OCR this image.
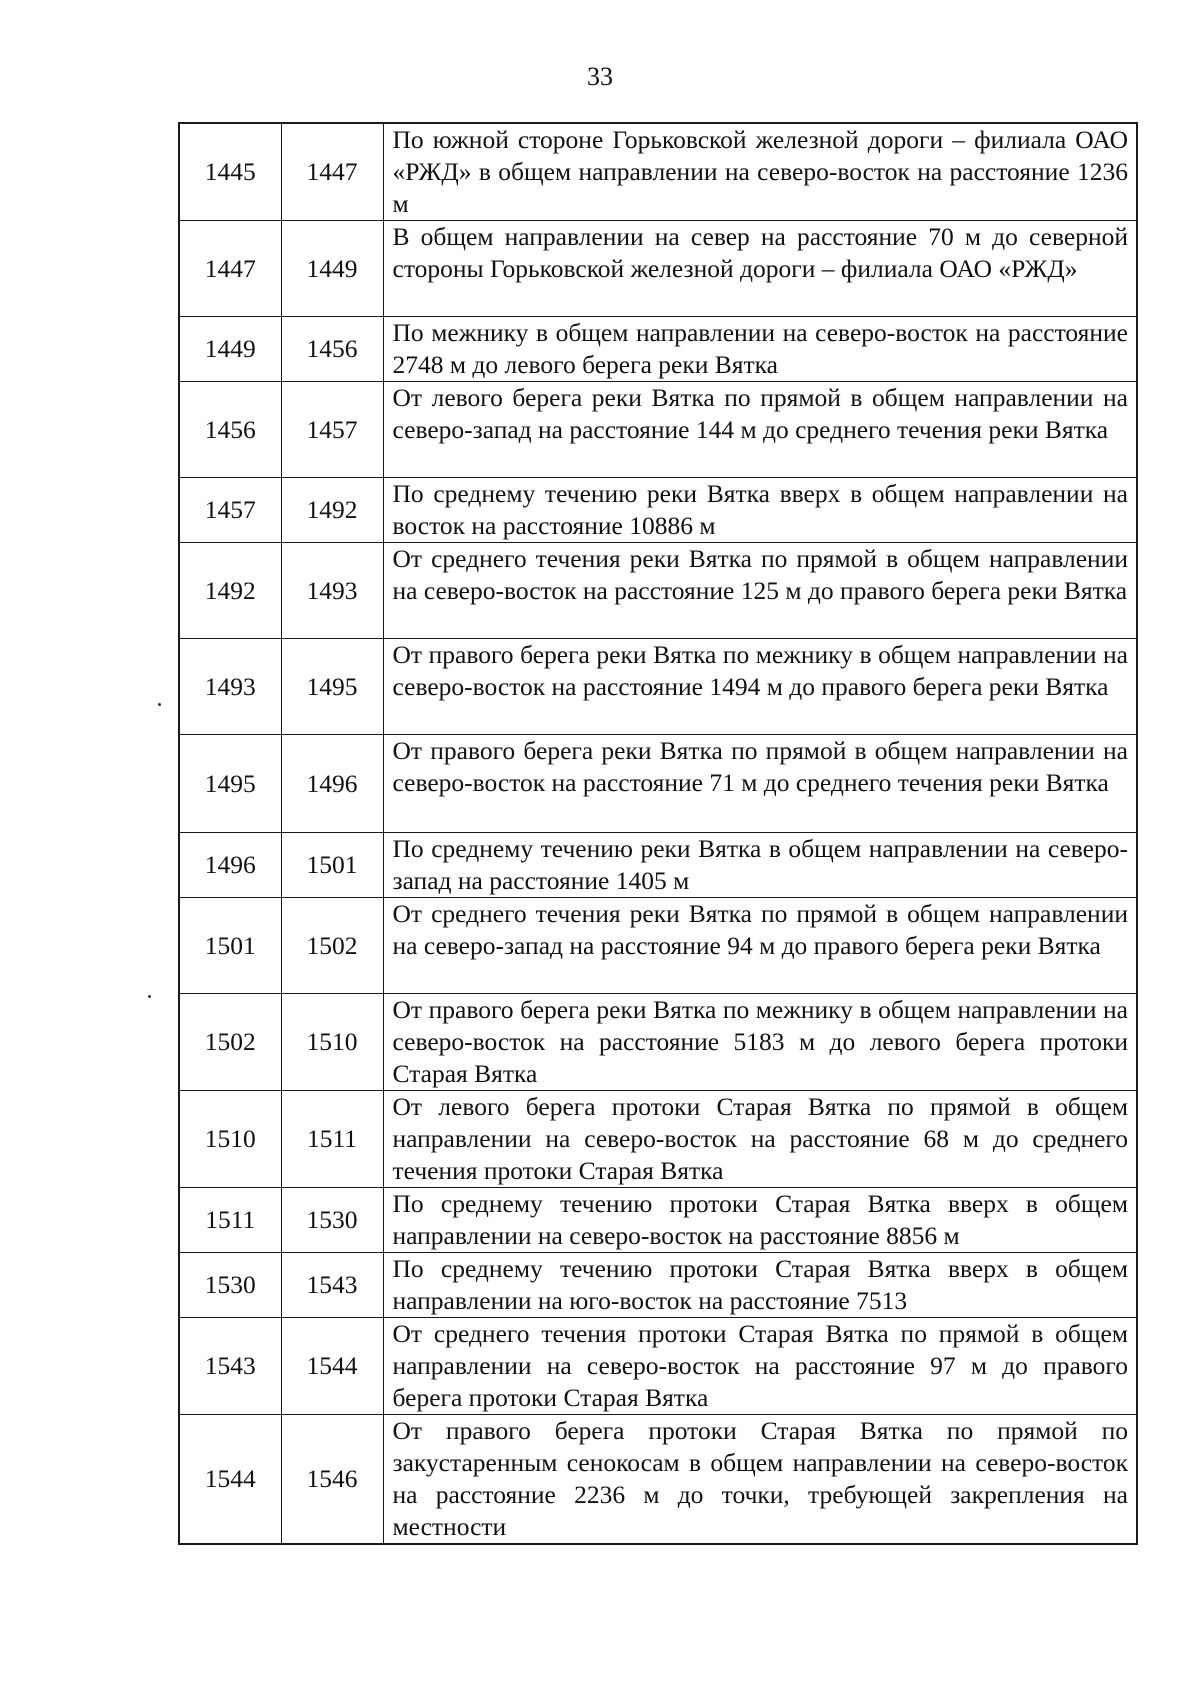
33
1445	1447	По южной стороне Горьковской железной дороги – филиала ОАО «РЖД» в общем направлении на северо-восток на расстояние 1236 м
1447	1449	В общем направлении на север на расстояние 70 м до северной стороны Горьковской железной дороги – филиала ОАО «РЖД»
1449	1456	По межнику в общем направлении на северо-восток на расстояние 2748 м до левого берега реки Вятка
1456	1457	От левого берега реки Вятка по прямой в общем направлении на северо-запад на расстояние 144 м до среднего течения реки Вятка
1457	1492	По среднему течению реки Вятка вверх в общем направлении на восток на расстояние 10886 м
1492	1493	От среднего течения реки Вятка по прямой в общем направлении на северо-восток на расстояние 125 м до правого берега реки Вятка
1493	1495	От правого берега реки Вятка по межнику в общем направлении на северо-восток на расстояние 1494 м до правого берега реки Вятка
1495	1496	От правого берега реки Вятка по прямой в общем направлении на северо-восток на расстояние 71 м до среднего течения реки Вятка
1496	1501	По среднему течению реки Вятка в общем направлении на северо-запад на расстояние 1405 м
1501	1502	От среднего течения реки Вятка по прямой в общем направлении на северо-запад на расстояние 94 м до правого берега реки Вятка
1502	1510	От правого берега реки Вятка по межнику в общем направлении на северо-восток на расстояние 5183 м до левого берега протоки Старая Вятка
1510	1511	От левого берега протоки Старая Вятка по прямой в общем направлении на северо-восток на расстояние 68 м до среднего течения протоки Старая Вятка
1511	1530	По среднему течению протоки Старая Вятка вверх в общем направлении на северо-восток на расстояние 8856 м
1530	1543	По среднему течению протоки Старая Вятка вверх в общем направлении на юго-восток на расстояние 7513
1543	1544	От среднего течения протоки Старая Вятка по прямой в общем направлении на северо-восток на расстояние 97 м до правого берега протоки Старая Вятка
1544	1546	От правого берега протоки Старая Вятка по прямой по закустаренным сенокосам в общем направлении на северо-восток на расстояние 2236 м до точки, требующей закрепления на местности
